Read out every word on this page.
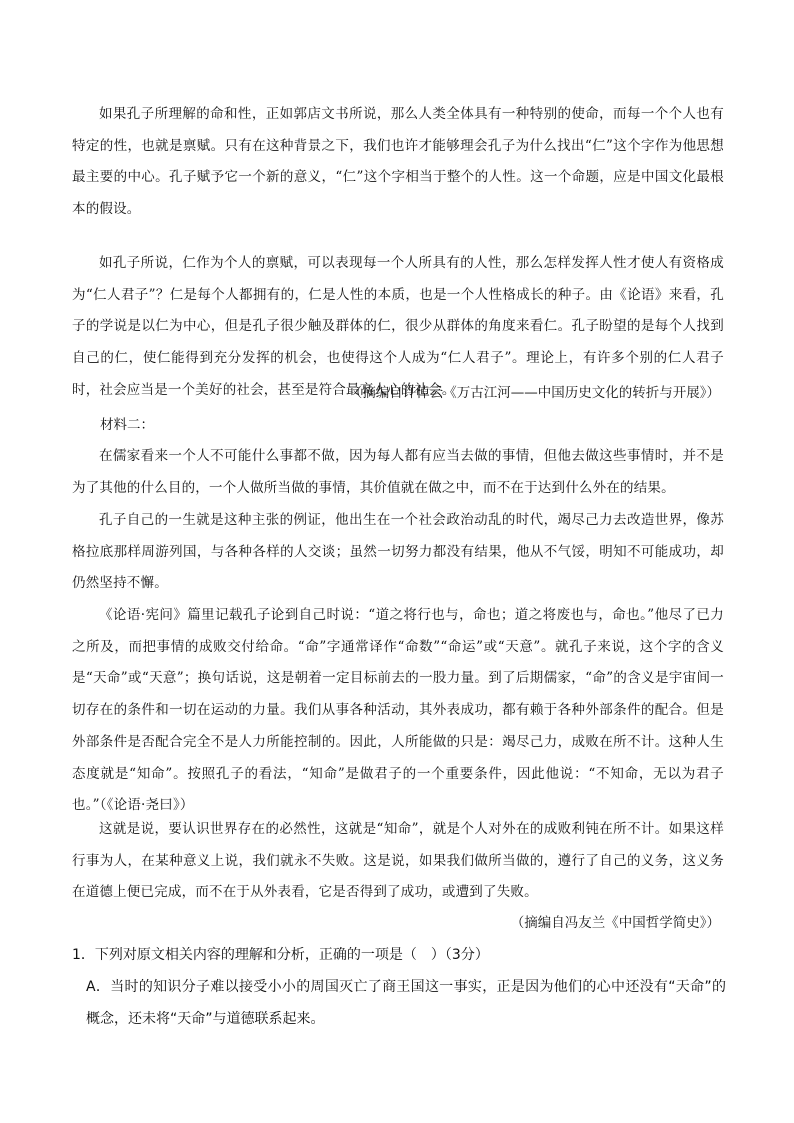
如果孔子所理解的命和性，正如郭店文书所说，那么人类全体具有一种特别的使命，而每一个个人也有特定的性，也就是禀赋。只有在这种背景之下，我们也许才能够理会孔子为什么找出“仁”这个字作为他思想最主要的中心。孔子赋予它一个新的意义，“仁”这个字相当于整个的人性。这一个命题，应是中国文化最根本的假设。

如孔子所说，仁作为个人的禀赋，可以表现每一个人所具有的人性，那么怎样发挥人性才使人有资格成为“仁人君子”？仁是每个人都拥有的，仁是人性的本质，也是一个人性格成长的种子。由《论语》来看，孔子的学说是以仁为中心，但是孔子很少触及群体的仁，很少从群体的角度来看仁。孔子盼望的是每个人找到自己的仁，使仁能得到充分发挥的机会，也使得这个人成为“仁人君子”。理论上，有许多个别的仁人君子时，社会应当是一个美好的社会，甚至是符合最高人心的社会。

（摘编自许倬云《万古江河——中国历史文化的转折与开展》）

材料二：

在儒家看来一个人不可能什么事都不做，因为每人都有应当去做的事情，但他去做这些事情时，并不是为了其他的什么目的，一个人做所当做的事情，其价值就在做之中，而不在于达到什么外在的结果。

孔子自己的一生就是这种主张的例证，他出生在一个社会政治动乱的时代，竭尽己力去改造世界，像苏格拉底那样周游列国，与各种各样的人交谈；虽然一切努力都没有结果，他从不气馁，明知不可能成功，却仍然坚持不懈。

《论语·宪问》篇里记载孔子论到自己时说：“道之将行也与，命也；道之将废也与，命也。”他尽了已力之所及，而把事情的成败交付给命。“命”字通常译作“命数”“命运”或“天意”。就孔子来说，这个字的含义是“天命”或“天意”；换句话说，这是朝着一定目标前去的一股力量。到了后期儒家，“命”的含义是宇宙间一切存在的条件和一切在运动的力量。我们从事各种活动，其外表成功，都有赖于各种外部条件的配合。但是外部条件是否配合完全不是人力所能控制的。因此，人所能做的只是：竭尽己力，成败在所不计。这种人生态度就是“知命”。按照孔子的看法，“知命”是做君子的一个重要条件，因此他说：“不知命，无以为君子也。”（《论语·尧曰》）

这就是说，要认识世界存在的必然性，这就是“知命”，就是个人对外在的成败利钝在所不计。如果这样行事为人，在某种意义上说，我们就永不失败。这是说，如果我们做所当做的，遵行了自己的义务，这义务在道德上便已完成，而不在于从外表看，它是否得到了成功，或遭到了失败。

（摘编自冯友兰《中国哲学简史》）

1．下列对原文相关内容的理解和分析，正确的一项是（　）（3分）

A．当时的知识分子难以接受小小的周国灭亡了商王国这一事实，正是因为他们的心中还没有“天命”的概念，还未将“天命”与道德联系起来。
